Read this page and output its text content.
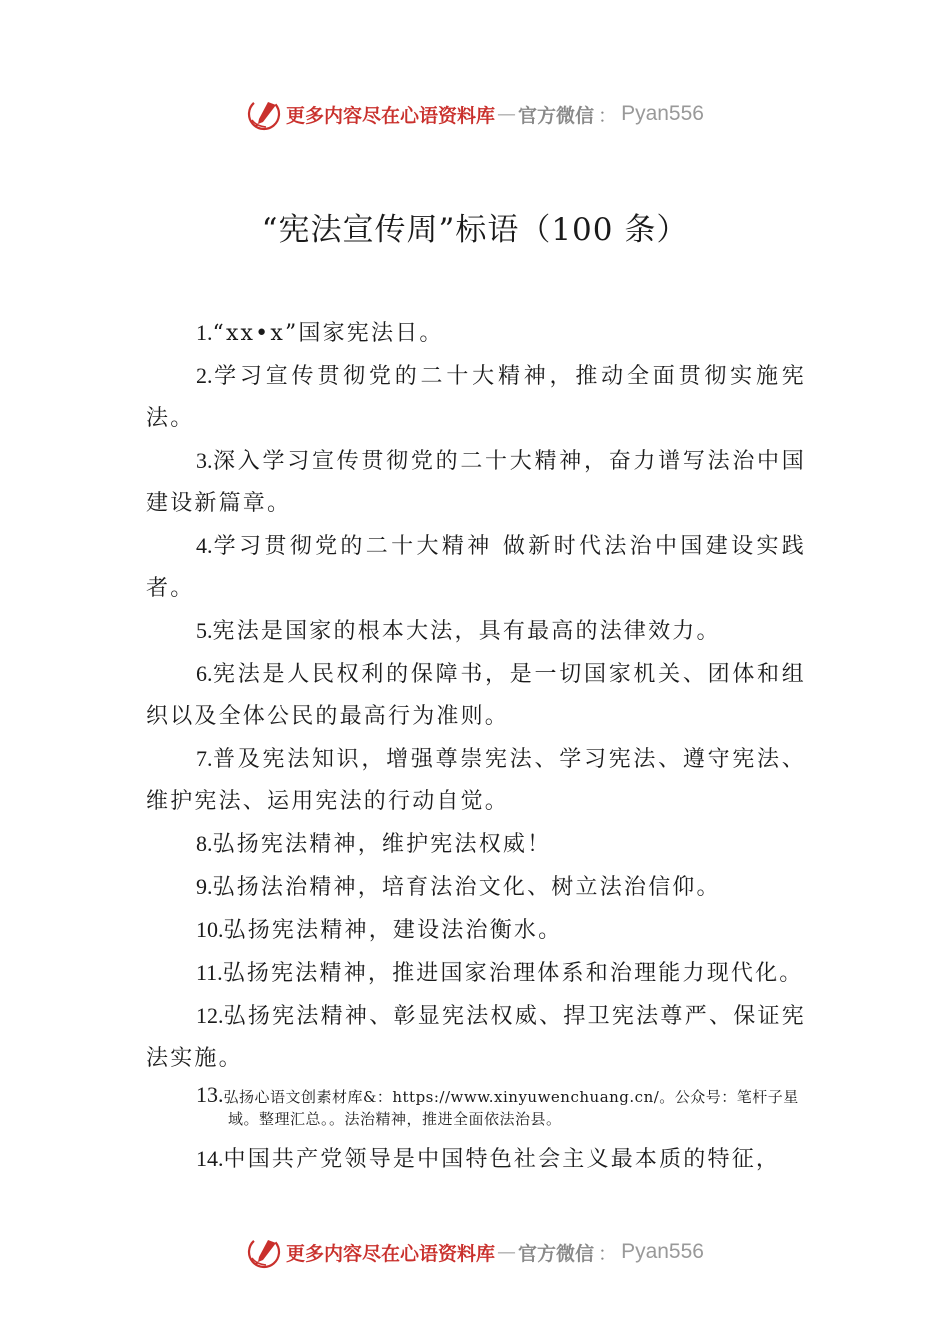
更多内容尽在心语资料库 — 官方微信 ： Pyan556
“宪法宣传周”标语（100 条）

1.“xx•x”国家宪法日。

2.学习宣传贯彻党的二十大精神，推动全面贯彻实施宪法。

3.深入学习宣传贯彻党的二十大精神，奋力谱写法治中国建设新篇章。

4.学习贯彻党的二十大精神 做新时代法治中国建设实践者。

5.宪法是国家的根本大法，具有最高的法律效力。

6.宪法是人民权利的保障书，是一切国家机关、团体和组织以及全体公民的最高行为准则。

7.普及宪法知识，增强尊崇宪法、学习宪法、遵守宪法、维护宪法、运用宪法的行动自觉。

8.弘扬宪法精神，维护宪法权威！

9.弘扬法治精神，培育法治文化、树立法治信仰。

10.弘扬宪法精神，建设法治衡水。

11.弘扬宪法精神，推进国家治理体系和治理能力现代化。

12.弘扬宪法精神、彰显宪法权威、捍卫宪法尊严、保证宪法实施。

13.弘扬心语文创素材库&：https://www.xinyuwenchuang.cn/。公众号：笔杆子星域。整理汇总。。法治精神，推进全面依法治县。

14.中国共产党领导是中国特色社会主义最本质的特征，

更多内容尽在心语资料库 — 官方微信 ： Pyan556
